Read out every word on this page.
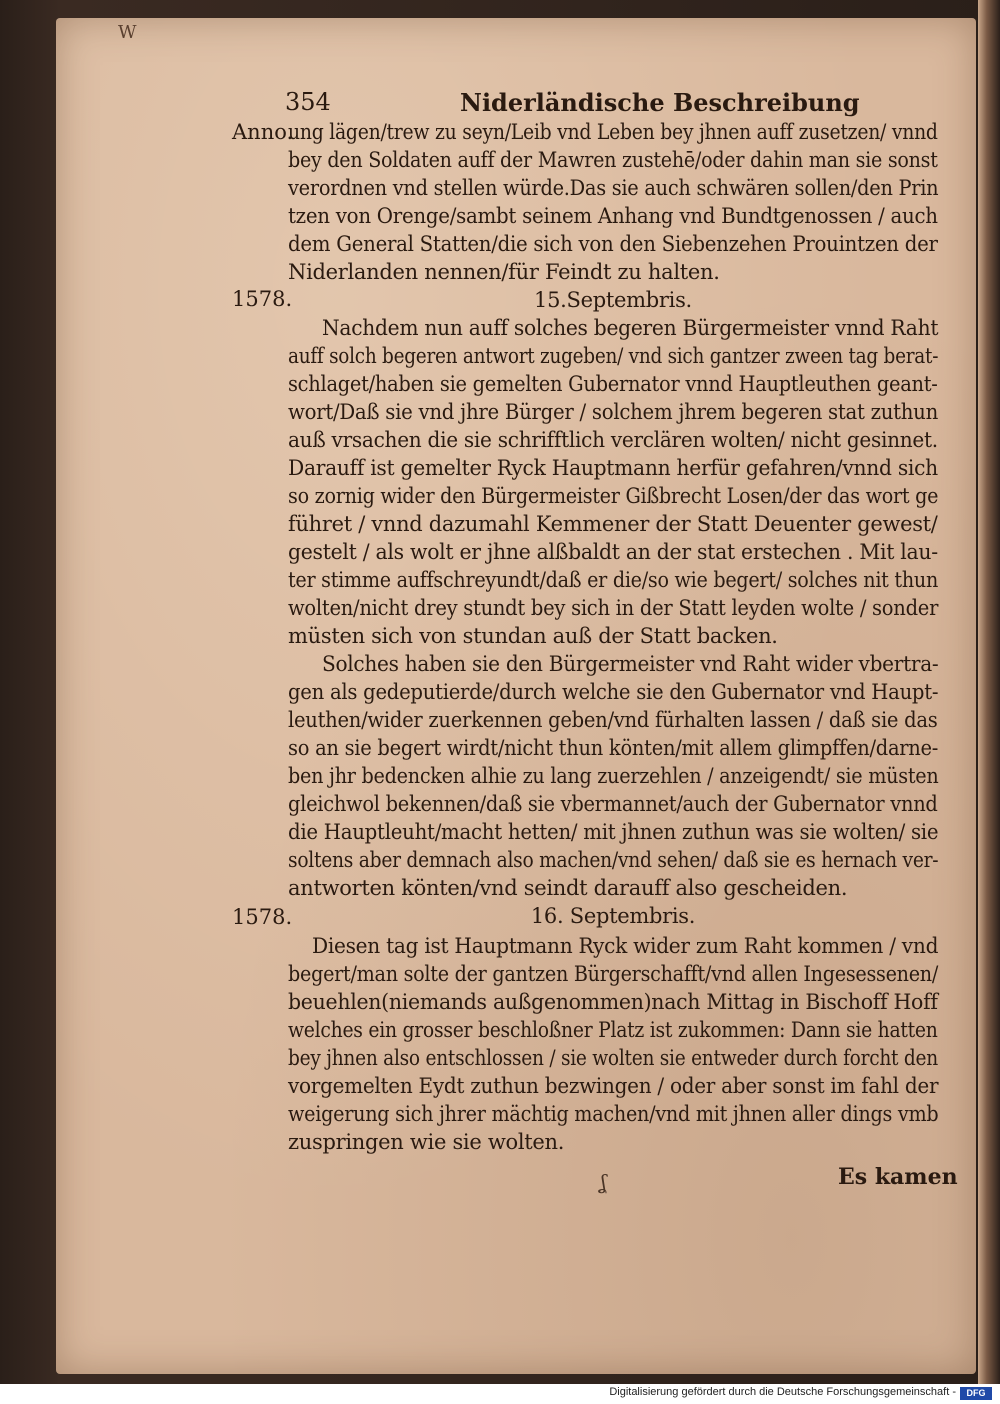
W

354	Niderländische Beschreibung

Anno.

1578.

1578.

ung lägen/trew zu seyn/Leib vnd Leben bey jhnen auff zusetzen/ vnnd

bey den Soldaten auff der Mawren zustehē/oder dahin man sie sonst

verordnen vnd stellen würde.Das sie auch schwären sollen/den Prin

tzen von Orenge/sambt seinem Anhang vnd Bundtgenossen / auch

dem General Statten/die sich von den Siebenzehen Prouintzen der

Niderlanden nennen/für Feindt zu halten.

15.Septembris.

Nachdem nun auff solches begeren Bürgermeister vnnd Raht

auff solch begeren antwort zugeben/ vnd sich gantzer zween tag berat-

schlaget/haben sie gemelten Gubernator vnnd Hauptleuthen geant-

wort/Daß sie vnd jhre Bürger / solchem jhrem begeren stat zuthun

auß vrsachen die sie schrifftlich verclären wolten/ nicht gesinnet.

Darauff ist gemelter Ryck Hauptmann herfür gefahren/vnnd sich

so zornig wider den Bürgermeister Gißbrecht Losen/der das wort ge

führet / vnnd dazumahl Kemmener der Statt Deuenter gewest/

gestelt / als wolt er jhne alßbaldt an der stat erstechen . Mit lau-

ter stimme auffschreyundt/daß er die/so wie begert/ solches nit thun

wolten/nicht drey stundt bey sich in der Statt leyden wolte / sonder

müsten sich von stundan auß der Statt backen.

Solches haben sie den Bürgermeister vnd Raht wider vbertra-

gen als gedeputierde/durch welche sie den Gubernator vnd Haupt-

leuthen/wider zuerkennen geben/vnd fürhalten lassen / daß sie das

so an sie begert wirdt/nicht thun könten/mit allem glimpffen/darne-

ben jhr bedencken alhie zu lang zuerzehlen / anzeigendt/ sie müsten

gleichwol bekennen/daß sie vbermannet/auch der Gubernator vnnd

die Hauptleuht/macht hetten/ mit jhnen zuthun was sie wolten/ sie

soltens aber demnach also machen/vnd sehen/ daß sie es hernach ver-

antworten könten/vnd seindt darauff also gescheiden.

16. Septembris.

Diesen tag ist Hauptmann Ryck wider zum Raht kommen / vnd

begert/man solte der gantzen Bürgerschafft/vnd allen Ingesessenen/

beuehlen(niemands außgenommen)nach Mittag in Bischoff Hoff

welches ein grosser beschloßner Platz ist zukommen: Dann sie hatten

bey jhnen also entschlossen / sie wolten sie entweder durch forcht den

vorgemelten Eydt zuthun bezwingen / oder aber sonst im fahl der

weigerung sich jhrer mächtig machen/vnd mit jhnen aller dings vmb

zuspringen wie sie wolten.

ʆ	Es kamen

Digitalisierung gefördert durch die Deutsche Forschungsgemeinschaft -	DFG
